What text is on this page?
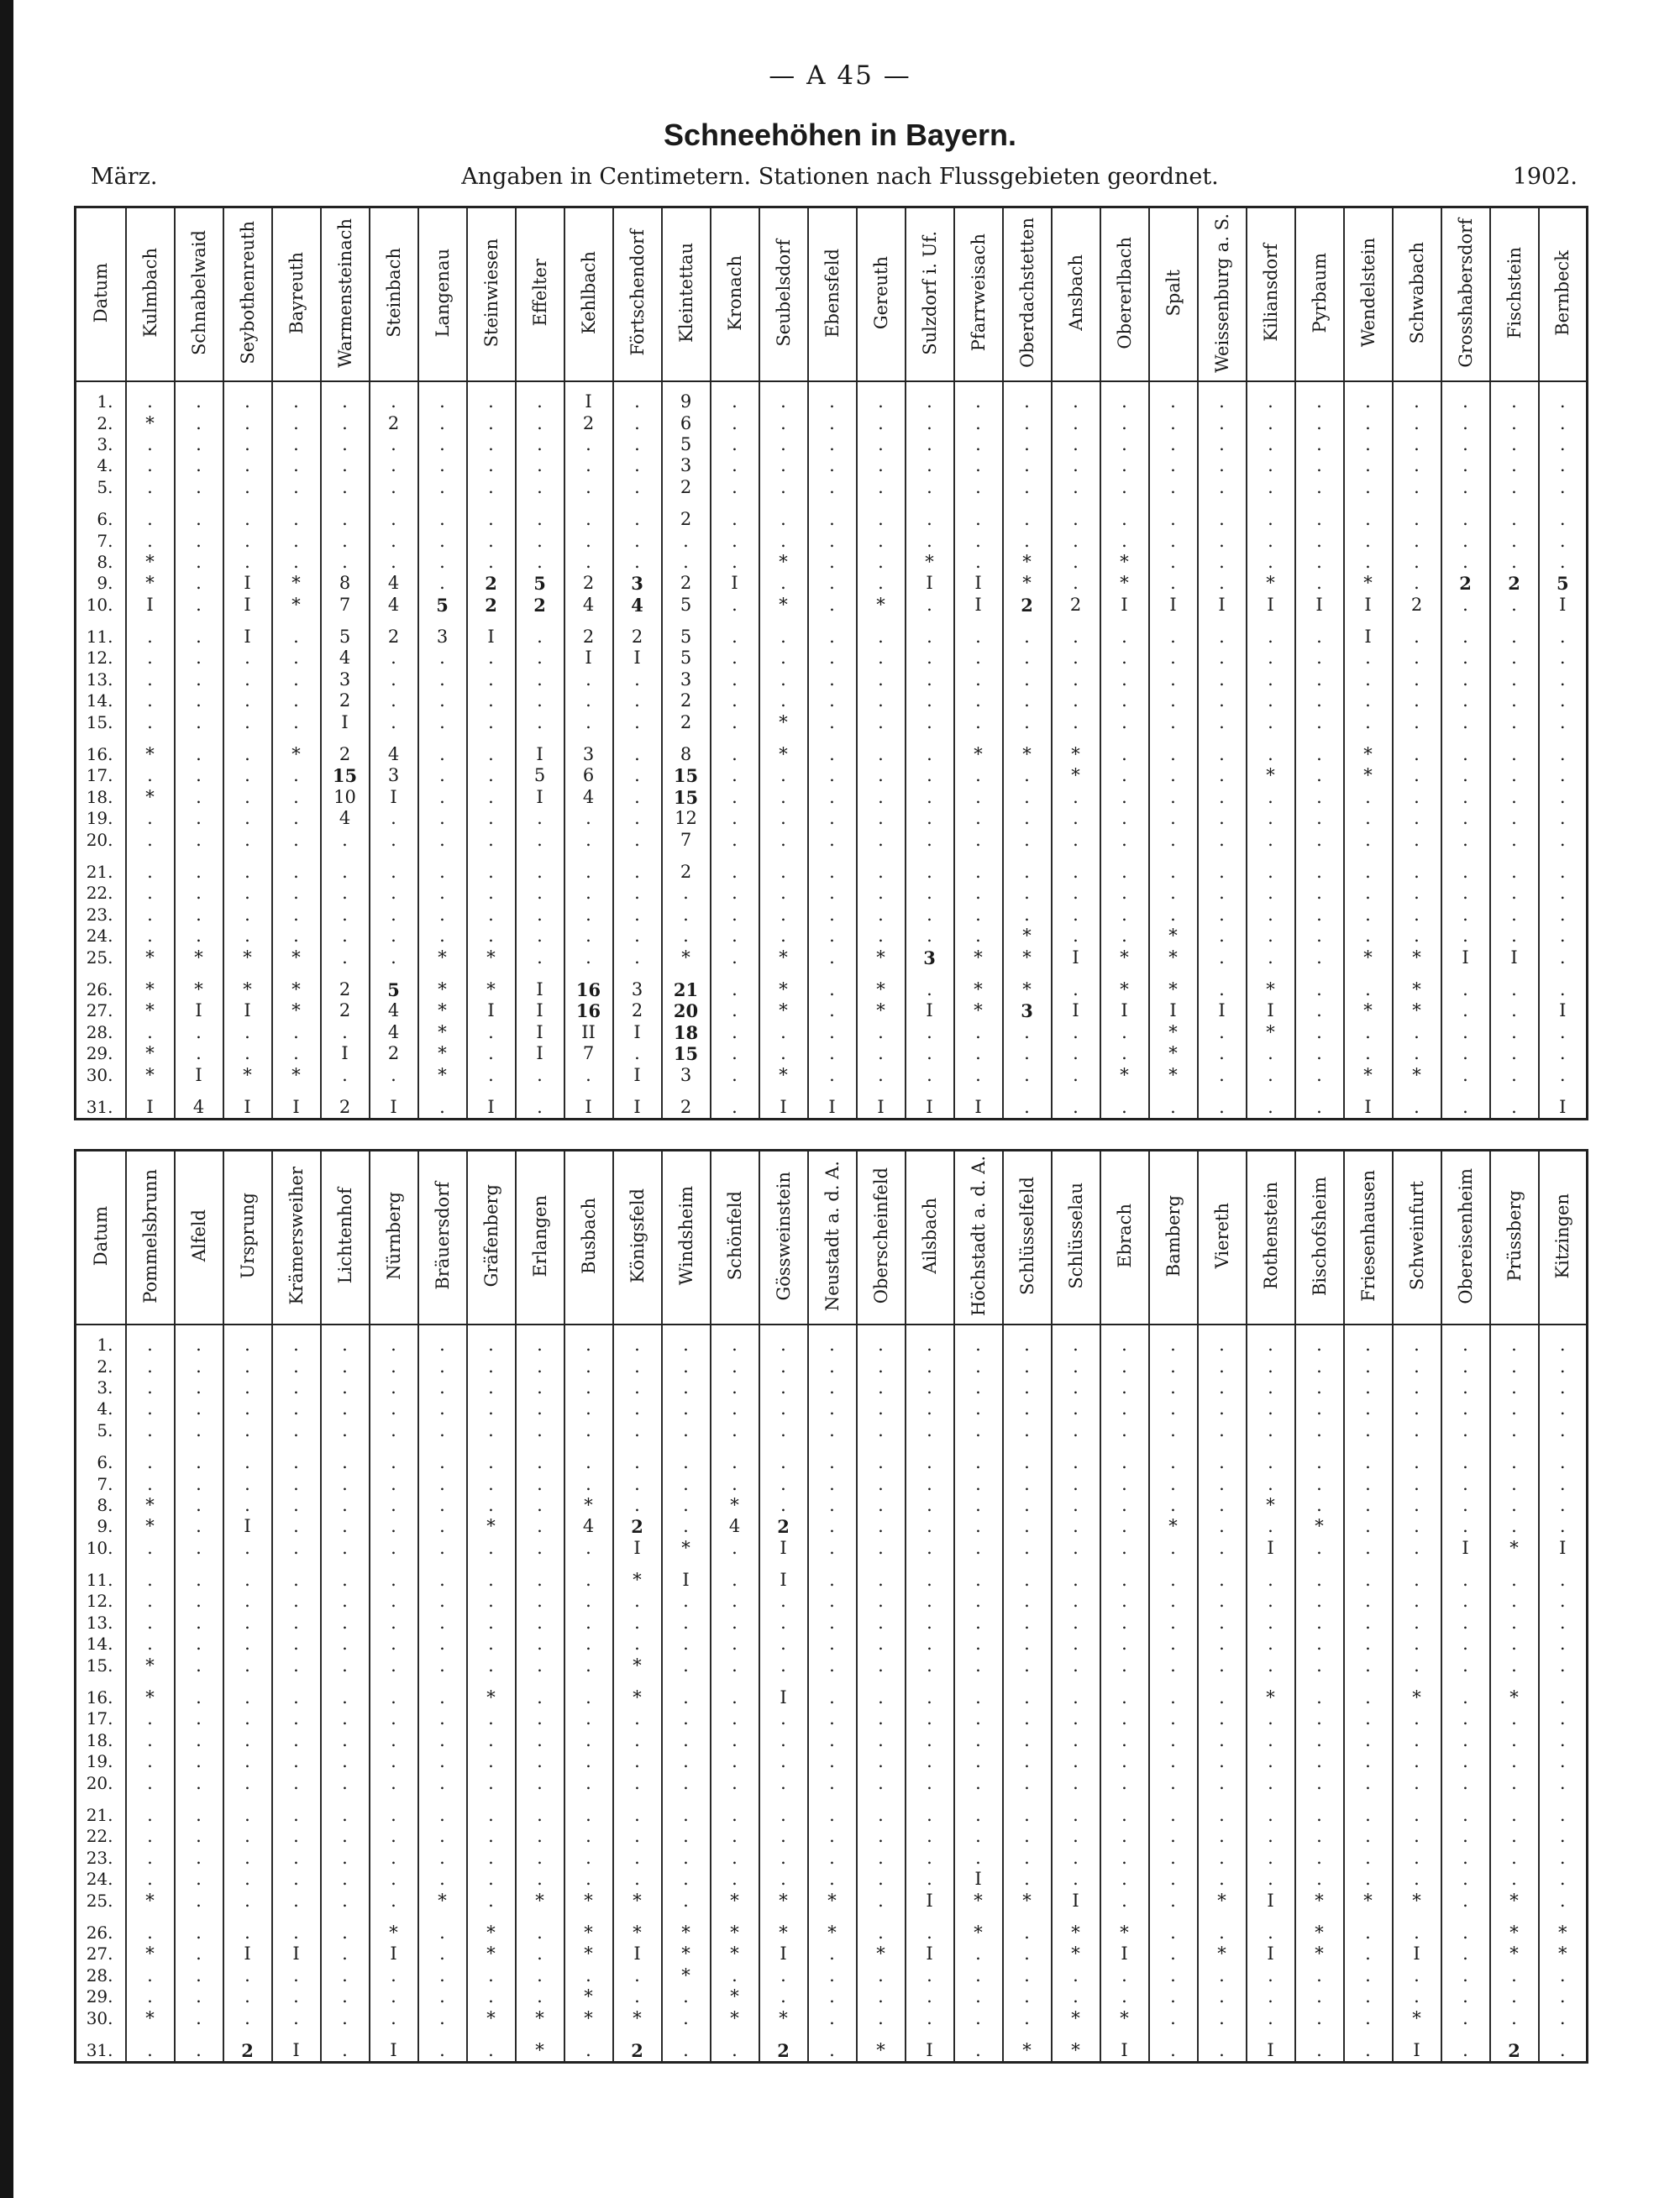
— A 45 —
Schneehöhen in Bayern.
März.	Angaben in Centimetern. Stationen nach Flussgebieten geordnet.	1902.
Datum	Kulmbach	Schnabelwaid	Seybothenreuth	Bayreuth	Warmensteinach	Steinbach	Langenau	Steinwiesen	Effelter	Kehlbach	Förtschendorf	Kleintettau	Kronach	Seubelsdorf	Ebensfeld	Gereuth	Sulzdorf i. Uf.	Pfarrweisach	Oberdachstetten	Ansbach	Obererlbach	Spalt	Weissenburg a. S.	Kiliansdorf	Pyrbaum	Wendelstein	Schwabach	Grosshabersdorf	Fischstein	Bernbeck

1.	.	.	.	.	.	.	.	.	.	I	.	9	.	.	.	.	.	.	.	.	.	.	.	.	.	.	.	.	.	.
2.	*	.	.	.	.	2	.	.	.	2	.	6	.	.	.	.	.	.	.	.	.	.	.	.	.	.	.	.	.	.
3.	.	.	.	.	.	.	.	.	.	.	.	5	.	.	.	.	.	.	.	.	.	.	.	.	.	.	.	.	.	.
4.	.	.	.	.	.	.	.	.	.	.	.	3	.	.	.	.	.	.	.	.	.	.	.	.	.	.	.	.	.	.
5.	.	.	.	.	.	.	.	.	.	.	.	2	.	.	.	.	.	.	.	.	.	.	.	.	.	.	.	.	.	.

6.	.	.	.	.	.	.	.	.	.	.	.	2	.	.	.	.	.	.	.	.	.	.	.	.	.	.	.	.	.	.
7.	.	.	.	.	.	.	.	.	.	.	.	.	.	.	.	.	.	.	.	.	.	.	.	.	.	.	.	.	.	.
8.	*	.	.	.	.	.	.	.	.	.	.	.	.	*	.	.	*	.	*	.	*	.	.	.	.	.	.	.	.	.
9.	*	.	I	*	8	4	.	2	5	2	3	2	I	.	.	.	I	I	*	.	*	.	.	*	.	*	.	2	2	5
10.	I	.	I	*	7	4	5	2	2	4	4	5	.	*	.	*	.	I	2	2	I	I	I	I	I	I	2	.	.	I

11.	.	.	I	.	5	2	3	I	.	2	2	5	.	.	.	.	.	.	.	.	.	.	.	.	.	I	.	.	.	.
12.	.	.	.	.	4	.	.	.	.	I	I	5	.	.	.	.	.	.	.	.	.	.	.	.	.	.	.	.	.	.
13.	.	.	.	.	3	.	.	.	.	.	.	3	.	.	.	.	.	.	.	.	.	.	.	.	.	.	.	.	.	.
14.	.	.	.	.	2	.	.	.	.	.	.	2	.	.	.	.	.	.	.	.	.	.	.	.	.	.	.	.	.	.
15.	.	.	.	.	I	.	.	.	.	.	.	2	.	*	.	.	.	.	.	.	.	.	.	.	.	.	.	.	.	.

16.	*	.	.	*	2	4	.	.	I	3	.	8	.	*	.	.	.	*	*	*	.	.	.	.	.	*	.	.	.	.
17.	.	.	.	.	15	3	.	.	5	6	.	15	.	.	.	.	.	.	.	*	.	.	.	*	.	*	.	.	.	.
18.	*	.	.	.	10	I	.	.	I	4	.	15	.	.	.	.	.	.	.	.	.	.	.	.	.	.	.	.	.	.
19.	.	.	.	.	4	.	.	.	.	.	.	12	.	.	.	.	.	.	.	.	.	.	.	.	.	.	.	.	.	.
20.	.	.	.	.	.	.	.	.	.	.	.	7	.	.	.	.	.	.	.	.	.	.	.	.	.	.	.	.	.	.

21.	.	.	.	.	.	.	.	.	.	.	.	2	.	.	.	.	.	.	.	.	.	.	.	.	.	.	.	.	.	.
22.	.	.	.	.	.	.	.	.	.	.	.	.	.	.	.	.	.	.	.	.	.	.	.	.	.	.	.	.	.	.
23.	.	.	.	.	.	.	.	.	.	.	.	.	.	.	.	.	.	.	.	.	.	.	.	.	.	.	.	.	.	.
24.	.	.	.	.	.	.	.	.	.	.	.	.	.	.	.	.	.	.	*	.	.	*	.	.	.	.	.	.	.	.
25.	*	*	*	*	.	.	*	*	.	.	.	*	.	*	.	*	3	*	*	I	*	*	.	.	.	*	*	I	I	.

26.	*	*	*	*	2	5	*	*	I	16	3	21	.	*	.	*	.	*	*	.	*	*	.	*	.	.	*	.	.	.
27.	*	I	I	*	2	4	*	I	I	16	2	20	.	*	.	*	I	*	3	I	I	I	I	I	.	*	*	.	.	I
28.	.	.	.	.	.	4	*	.	I	II	I	18	.	.	.	.	.	.	.	.	.	*	.	*	.	.	.	.	.	.
29.	*	.	.	.	I	2	*	.	I	7	.	15	.	.	.	.	.	.	.	.	.	*	.	.	.	.	.	.	.	.
30.	*	I	*	*	.	.	*	.	.	.	I	3	.	*	.	.	.	.	.	.	*	*	.	.	.	*	*	.	.	.

31.	I	4	I	I	2	I	.	I	.	I	I	2	.	I	I	I	I	I	.	.	.	.	.	.	.	I	.	.	.	I
Datum	Pommelsbrunn	Alfeld	Ursprung	Krämersweiher	Lichtenhof	Nürnberg	Bräuersdorf	Gräfenberg	Erlangen	Busbach	Königsfeld	Windsheim	Schönfeld	Gössweinstein	Neustadt a. d. A.	Oberscheinfeld	Ailsbach	Höchstadt a. d. A.	Schlüsselfeld	Schlüsselau	Ebrach	Bamberg	Viereth	Rothenstein	Bischofsheim	Friesenhausen	Schweinfurt	Obereisenheim	Prüssberg	Kitzingen

1.	.	.	.	.	.	.	.	.	.	.	.	.	.	.	.	.	.	.	.	.	.	.	.	.	.	.	.	.	.	.
2.	.	.	.	.	.	.	.	.	.	.	.	.	.	.	.	.	.	.	.	.	.	.	.	.	.	.	.	.	.	.
3.	.	.	.	.	.	.	.	.	.	.	.	.	.	.	.	.	.	.	.	.	.	.	.	.	.	.	.	.	.	.
4.	.	.	.	.	.	.	.	.	.	.	.	.	.	.	.	.	.	.	.	.	.	.	.	.	.	.	.	.	.	.
5.	.	.	.	.	.	.	.	.	.	.	.	.	.	.	.	.	.	.	.	.	.	.	.	.	.	.	.	.	.	.

6.	.	.	.	.	.	.	.	.	.	.	.	.	.	.	.	.	.	.	.	.	.	.	.	.	.	.	.	.	.	.
7.	.	.	.	.	.	.	.	.	.	.	.	.	.	.	.	.	.	.	.	.	.	.	.	.	.	.	.	.	.	.
8.	*	.	.	.	.	.	.	.	.	*	.	.	*	.	.	.	.	.	.	.	.	.	.	*	.	.	.	.	.	.
9.	*	.	I	.	.	.	.	*	.	4	2	.	4	2	.	.	.	.	.	.	.	*	.	.	*	.	.	.	.	.
10.	.	.	.	.	.	.	.	.	.	.	I	*	.	I	.	.	.	.	.	.	.	.	.	I	.	.	.	I	*	I

11.	.	.	.	.	.	.	.	.	.	.	*	I	.	I	.	.	.	.	.	.	.	.	.	.	.	.	.	.	.	.
12.	.	.	.	.	.	.	.	.	.	.	.	.	.	.	.	.	.	.	.	.	.	.	.	.	.	.	.	.	.	.
13.	.	.	.	.	.	.	.	.	.	.	.	.	.	.	.	.	.	.	.	.	.	.	.	.	.	.	.	.	.	.
14.	.	.	.	.	.	.	.	.	.	.	.	.	.	.	.	.	.	.	.	.	.	.	.	.	.	.	.	.	.	.
15.	*	.	.	.	.	.	.	.	.	.	*	.	.	.	.	.	.	.	.	.	.	.	.	.	.	.	.	.	.	.

16.	*	.	.	.	.	.	.	*	.	.	*	.	.	I	.	.	.	.	.	.	.	.	.	*	.	.	*	.	*	.
17.	.	.	.	.	.	.	.	.	.	.	.	.	.	.	.	.	.	.	.	.	.	.	.	.	.	.	.	.	.	.
18.	.	.	.	.	.	.	.	.	.	.	.	.	.	.	.	.	.	.	.	.	.	.	.	.	.	.	.	.	.	.
19.	.	.	.	.	.	.	.	.	.	.	.	.	.	.	.	.	.	.	.	.	.	.	.	.	.	.	.	.	.	.
20.	.	.	.	.	.	.	.	.	.	.	.	.	.	.	.	.	.	.	.	.	.	.	.	.	.	.	.	.	.	.

21.	.	.	.	.	.	.	.	.	.	.	.	.	.	.	.	.	.	.	.	.	.	.	.	.	.	.	.	.	.	.
22.	.	.	.	.	.	.	.	.	.	.	.	.	.	.	.	.	.	.	.	.	.	.	.	.	.	.	.	.	.	.
23.	.	.	.	.	.	.	.	.	.	.	.	.	.	.	.	.	.	.	.	.	.	.	.	.	.	.	.	.	.	.
24.	.	.	.	.	.	.	.	.	.	.	.	.	.	.	.	.	.	I	.	.	.	.	.	.	.	.	.	.	.	.
25.	*	.	.	.	.	.	*	.	*	*	*	.	*	*	*	.	I	*	*	I	.	.	*	I	*	*	*	.	*	.

26.	.	.	.	.	.	*	.	*	.	*	*	*	*	*	*	.	.	*	.	*	*	.	.	.	*	.	.	.	*	*
27.	*	.	I	I	.	I	.	*	.	*	I	*	*	I	.	*	I	.	.	*	I	.	*	I	*	.	I	.	*	*
28.	.	.	.	.	.	.	.	.	.	.	.	*	.	.	.	.	.	.	.	.	.	.	.	.	.	.	.	.	.	.
29.	.	.	.	.	.	.	.	.	.	*	.	.	*	.	.	.	.	.	.	.	.	.	.	.	.	.	.	.	.	.
30.	*	.	.	.	.	.	.	*	*	*	*	.	*	*	.	.	.	.	.	*	*	.	.	.	.	.	*	.	.	.

31.	.	.	2	I	.	I	.	.	*	.	2	.	.	2	.	*	I	.	*	*	I	.	.	I	.	.	I	.	2	.
